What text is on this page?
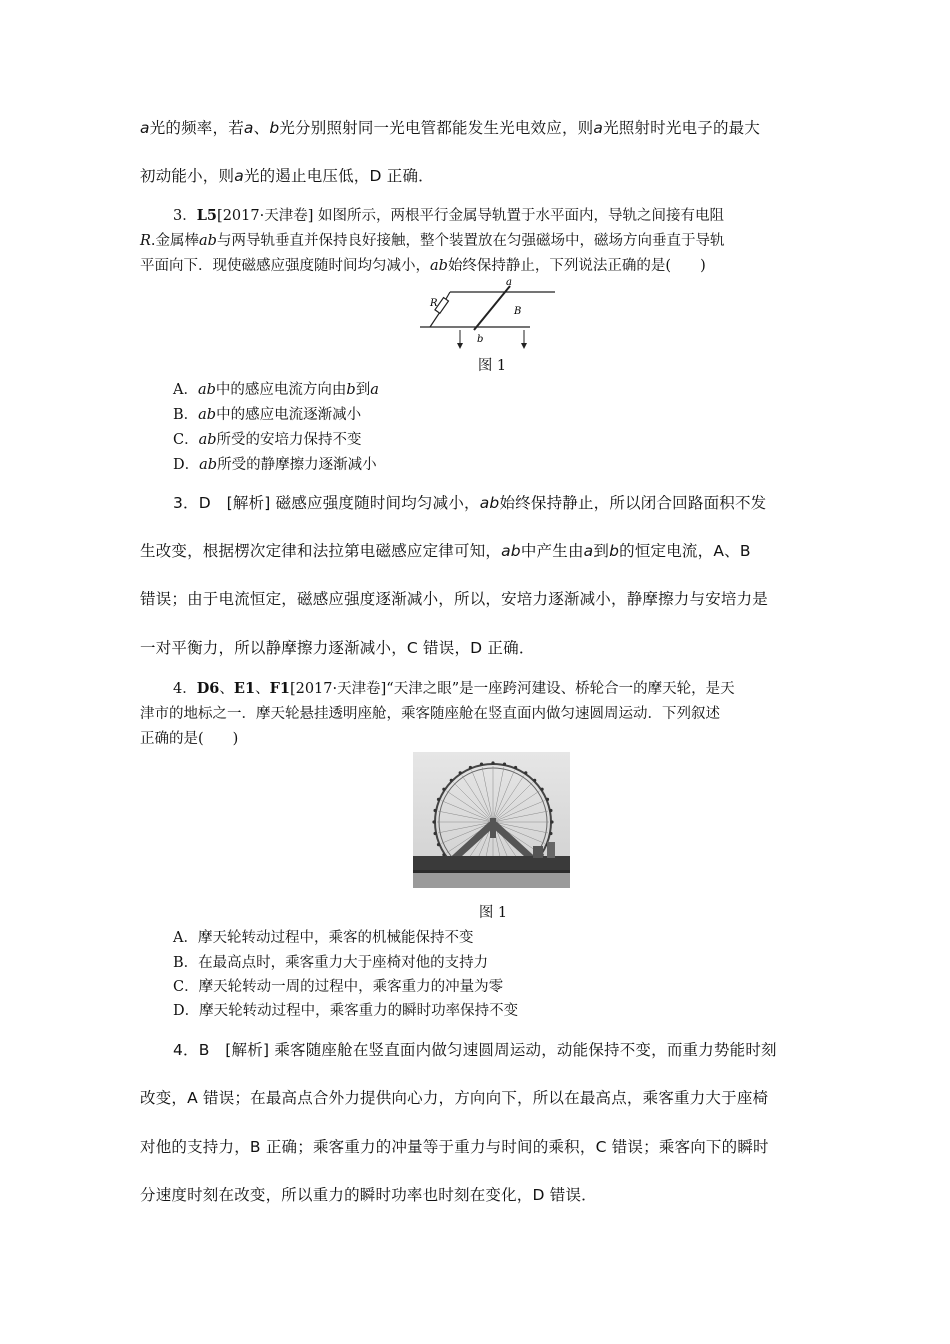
a光的频率，若a、b光分别照射同一光电管都能发生光电效应，则a光照射时光电子的最大
初动能小，则a光的遏止电压低，D 正确．
3．L5[2017·天津卷] 如图所示，两根平行金属导轨置于水平面内，导轨之间接有电阻
R.金属棒ab与两导轨垂直并保持良好接触，整个装置放在匀强磁场中，磁场方向垂直于导轨
平面向下．现使磁感应强度随时间均匀减小，ab始终保持静止，下列说法正确的是(　　)
R
a
b
B
图 1
A．ab中的感应电流方向由b到a
B．ab中的感应电流逐渐减小
C．ab所受的安培力保持不变
D．ab所受的静摩擦力逐渐减小
3．D　[解析] 磁感应强度随时间均匀减小，ab始终保持静止，所以闭合回路面积不发
生改变，根据楞次定律和法拉第电磁感应定律可知，ab中产生由a到b的恒定电流，A、B
错误；由于电流恒定，磁感应强度逐渐减小，所以，安培力逐渐减小，静摩擦力与安培力是
一对平衡力，所以静摩擦力逐渐减小，C 错误，D 正确．
4．D6、E1、F1[2017·天津卷]“天津之眼”是一座跨河建设、桥轮合一的摩天轮，是天
津市的地标之一．摩天轮悬挂透明座舱，乘客随座舱在竖直面内做匀速圆周运动．下列叙述
正确的是(　　)
图 1
A．摩天轮转动过程中，乘客的机械能保持不变
B．在最高点时，乘客重力大于座椅对他的支持力
C．摩天轮转动一周的过程中，乘客重力的冲量为零
D．摩天轮转动过程中，乘客重力的瞬时功率保持不变
4．B　[解析] 乘客随座舱在竖直面内做匀速圆周运动，动能保持不变，而重力势能时刻
改变，A 错误；在最高点合外力提供向心力，方向向下，所以在最高点，乘客重力大于座椅
对他的支持力，B 正确；乘客重力的冲量等于重力与时间的乘积，C 错误；乘客向下的瞬时
分速度时刻在改变，所以重力的瞬时功率也时刻在变化，D 错误．
